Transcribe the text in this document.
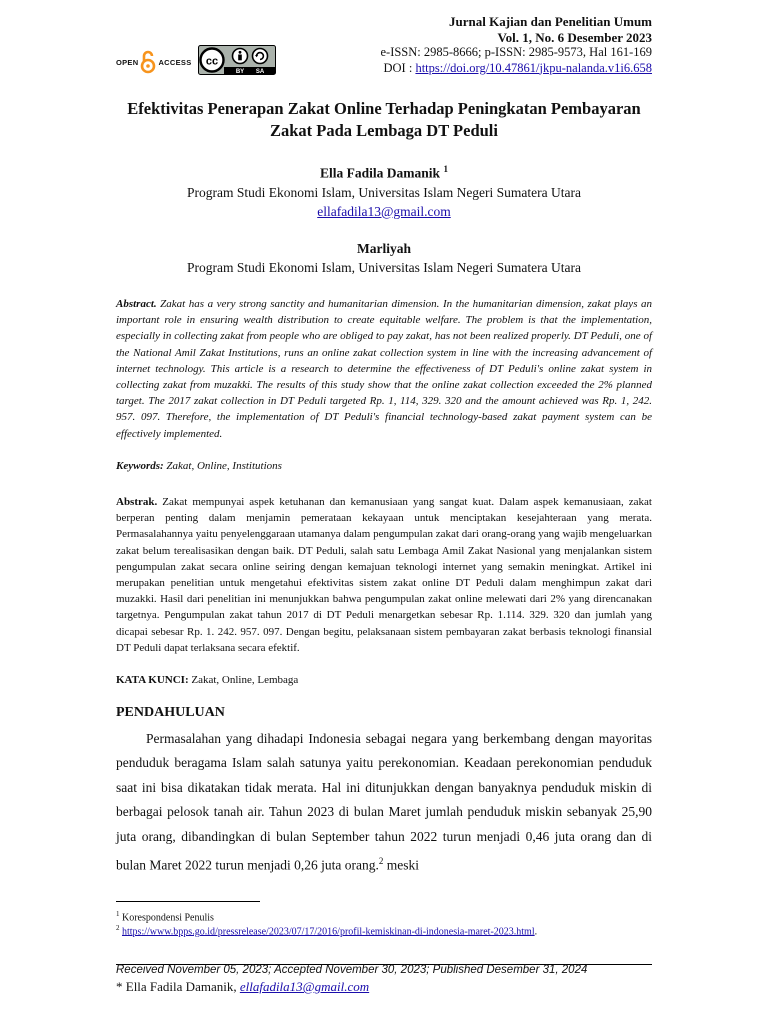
Jurnal Kajian dan Penelitian Umum
Vol. 1, No. 6 Desember 2023
e-ISSN: 2985-8666; p-ISSN: 2985-9573, Hal 161-169
DOI : https://doi.org/10.47861/jkpu-nalanda.v1i6.658
OPEN	ACCESS cc
BY SA
Efektivitas Penerapan Zakat Online Terhadap Peningkatan Pembayaran Zakat Pada Lembaga DT Peduli
Ella Fadila Damanik $^1$
Program Studi Ekonomi Islam, Universitas Islam Negeri Sumatera Utara
ellafadila13@gmail.com
Marliyah
Program Studi Ekonomi Islam, Universitas Islam Negeri Sumatera Utara
Abstract. Zakat has a very strong sanctity and humanitarian dimension. In the humanitarian dimension, zakat plays an important role in ensuring wealth distribution to create equitable welfare. The problem is that the implementation, especially in collecting zakat from people who are obliged to pay zakat, has not been realized properly. DT Peduli, one of the National Amil Zakat Institutions, runs an online zakat collection system in line with the increasing advancement of internet technology. This article is a research to determine the effectiveness of DT Peduli's online zakat system in collecting zakat from muzakki. The results of this study show that the online zakat collection exceeded the 2% planned target. The 2017 zakat collection in DT Peduli targeted Rp. 1, 114, 329. 320 and the amount achieved was Rp. 1, 242. 957. 097. Therefore, the implementation of DT Peduli's financial technology-based zakat payment system can be effectively implemented.
Keywords: Zakat, Online, Institutions
Abstrak. Zakat mempunyai aspek ketuhanan dan kemanusiaan yang sangat kuat. Dalam aspek kemanusiaan, zakat berperan penting dalam menjamin pemerataan kekayaan untuk menciptakan kesejahteraan yang merata. Permasalahannya yaitu penyelenggaraan utamanya dalam pengumpulan zakat dari orang-orang yang wajib mengeluarkan zakat belum terealisasikan dengan baik. DT Peduli, salah satu Lembaga Amil Zakat Nasional yang menjalankan sistem pengumpulan zakat secara online seiring dengan kemajuan teknologi internet yang semakin meningkat. Artikel ini merupakan penelitian untuk mengetahui efektivitas sistem zakat online DT Peduli dalam menghimpun zakat dari muzakki. Hasil dari penelitian ini menunjukkan bahwa pengumpulan zakat online melewati dari 2% yang direncanakan targetnya. Pengumpulan zakat tahun 2017 di DT Peduli menargetkan sebesar Rp. 1.114. 329. 320 dan jumlah yang dicapai sebesar Rp. 1. 242. 957. 097. Dengan begitu, pelaksanaan sistem pembayaran zakat berbasis teknologi finansial DT Peduli dapat terlaksana secara efektif.
KATA KUNCI: Zakat, Online, Lembaga
PENDAHULUAN
Permasalahan yang dihadapi Indonesia sebagai negara yang berkembang dengan mayoritas penduduk beragama Islam salah satunya yaitu perekonomian. Keadaan perekonomian penduduk saat ini bisa dikatakan tidak merata. Hal ini ditunjukkan dengan banyaknya penduduk miskin di berbagai pelosok tanah air. Tahun 2023 di bulan Maret jumlah penduduk miskin sebanyak 25,90 juta orang, dibandingkan di bulan September tahun 2022 turun menjadi 0,46 juta orang dan di bulan Maret 2022 turun menjadi 0,26 juta orang.$^2$ meski
$^1$ Korespondensi Penulis
$^2$ https://www.bpps.go.id/pressrelease/2023/07/17/2016/profil-kemiskinan-di-indonesia-maret-2023.html.
Received November 05, 2023; Accepted November 30, 2023; Published Desember 31, 2024
* Ella Fadila Damanik, ellafadila13@gmail.com
